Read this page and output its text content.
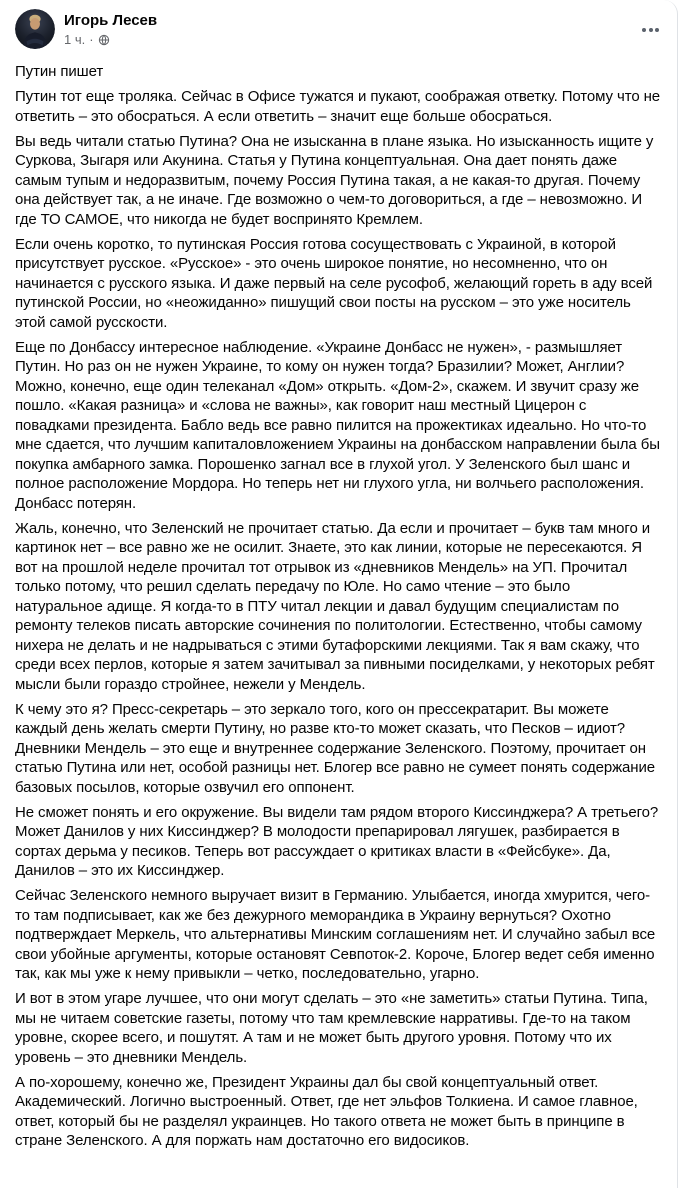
Игорь Лесев
1 ч. ·

Путин пишет

Путин тот еще троляка. Сейчас в Офисе тужатся и пукают, соображая ответку. Потому что не ответить – это обосраться. А если ответить – значит еще больше обосраться.

Вы ведь читали статью Путина? Она не изысканна в плане языка. Но изысканность ищите у Суркова, Зыгаря или Акунина. Статья у Путина концептуальная. Она дает понять даже самым тупым и недоразвитым, почему Россия Путина такая, а не какая-то другая. Почему она действует так, а не иначе. Где возможно о чем-то договориться, а где – невозможно. И где ТО САМОЕ, что никогда не будет воспринято Кремлем.

Если очень коротко, то путинская Россия готова сосуществовать с Украиной, в которой присутствует русское. «Русское» - это очень широкое понятие, но несомненно, что он начинается с русского языка. И даже первый на селе русофоб, желающий гореть в аду всей путинской России, но «неожиданно» пишущий свои посты на русском – это уже носитель этой самой русскости.

Еще по Донбассу интересное наблюдение. «Украине Донбасс не нужен», - размышляет Путин. Но раз он не нужен Украине, то кому он нужен тогда? Бразилии? Может, Англии? Можно, конечно, еще один телеканал «Дом» открыть. «Дом-2», скажем. И звучит сразу же пошло. «Какая разница» и «слова не важны», как говорит наш местный Цицерон с повадками президента. Бабло ведь все равно пилится на прожектиках идеально. Но что-то мне сдается, что лучшим капиталовложением Украины на донбасском направлении была бы покупка амбарного замка. Порошенко загнал все в глухой угол. У Зеленского был шанс и полное расположение Мордора. Но теперь нет ни глухого угла, ни волчьего расположения. Донбасс потерян.

Жаль, конечно, что Зеленский не прочитает статью. Да если и прочитает – букв там много и картинок нет – все равно же не осилит. Знаете, это как линии, которые не пересекаются. Я вот на прошлой неделе прочитал тот отрывок из «дневников Мендель» на УП. Прочитал только потому, что решил сделать передачу по Юле. Но само чтение – это было натуральное адище. Я когда-то в ПТУ читал лекции и давал будущим специалистам по ремонту телеков писать авторские сочинения по политологии. Естественно, чтобы самому нихера не делать и не надрываться с этими бутафорскими лекциями. Так я вам скажу, что среди всех перлов, которые я затем зачитывал за пивными посиделками, у некоторых ребят мысли были гораздо стройнее, нежели у Мендель.

К чему это я? Пресс-секретарь – это зеркало того, кого он прессекратарит. Вы можете каждый день желать смерти Путину, но разве кто-то может сказать, что Песков – идиот? Дневники Мендель – это еще и внутреннее содержание Зеленского. Поэтому, прочитает он статью Путина или нет, особой разницы нет. Блогер все равно не сумеет понять содержание базовых посылов, которые озвучил его оппонент.

Не сможет понять и его окружение. Вы видели там рядом второго Киссинджера? А третьего? Может Данилов у них Киссинджер? В молодости препарировал лягушек, разбирается в сортах дерьма у песиков. Теперь вот рассуждает о критиках власти в «Фейсбуке». Да, Данилов – это их Киссинджер.

Сейчас Зеленского немного выручает визит в Германию. Улыбается, иногда хмурится, чего-то там подписывает, как же без дежурного меморандика в Украину вернуться? Охотно подтверждает Меркель, что альтернативы Минским соглашениям нет. И случайно забыл все свои убойные аргументы, которые остановят Севпоток-2. Короче, Блогер ведет себя именно так, как мы уже к нему привыкли – четко, последовательно, угарно.

И вот в этом угаре лучшее, что они могут сделать – это «не заметить» статьи Путина. Типа, мы не читаем советские газеты, потому что там кремлевские нарративы. Где-то на таком уровне, скорее всего, и пошутят. А там и не может быть другого уровня. Потому что их уровень – это дневники Мендель.

А по-хорошему, конечно же, Президент Украины дал бы свой концептуальный ответ. Академический. Логично выстроенный. Ответ, где нет эльфов Толкиена. И самое главное, ответ, который бы не разделял украинцев. Но такого ответа не может быть в принципе в стране Зеленского. А для поржать нам достаточно его видосиков.
